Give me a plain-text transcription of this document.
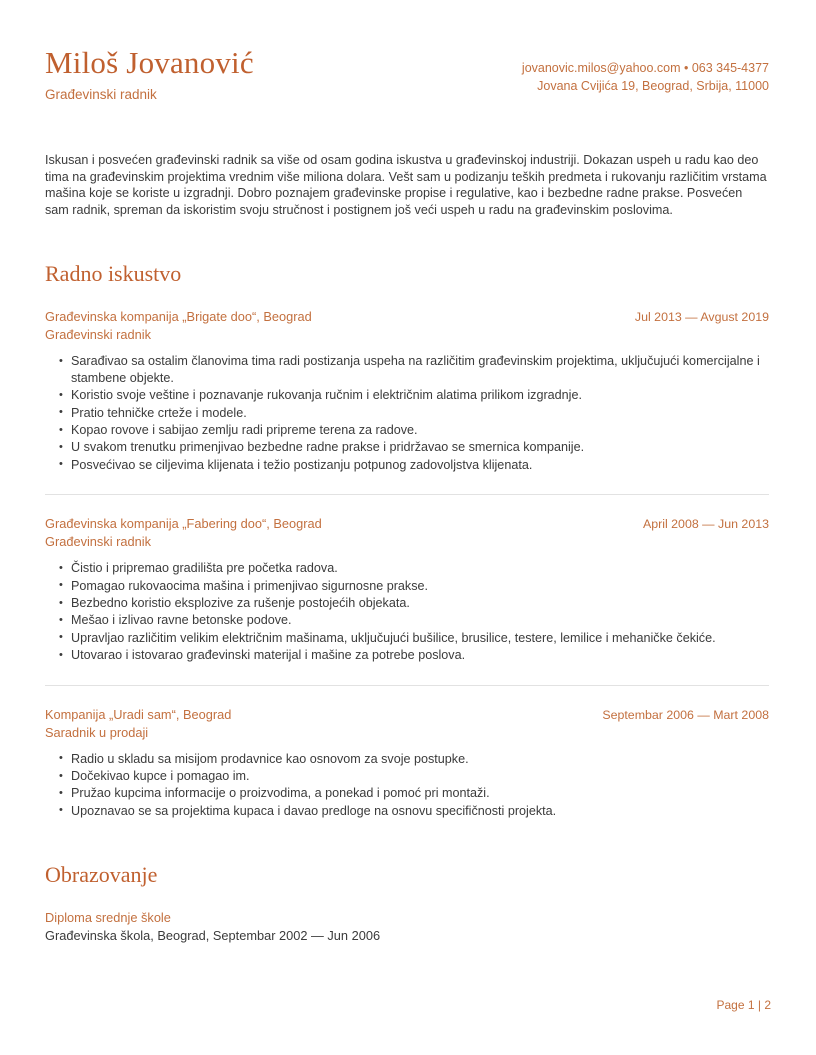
Miloš Jovanović
Građevinski radnik
jovanovic.milos@yahoo.com • 063 345-4377
Jovana Cvijića 19, Beograd, Srbija, 11000
Iskusan i posvećen građevinski radnik sa više od osam godina iskustva u građevinskoj industriji. Dokazan uspeh u radu kao deo tima na građevinskim projektima vrednim više miliona dolara. Vešt sam u podizanju teških predmeta i rukovanju različitim vrstama mašina koje se koriste u izgradnji. Dobro poznajem građevinske propise i regulative, kao i bezbedne radne prakse. Posvećen sam radnik, spreman da iskoristim svoju stručnost i postignem još veći uspeh u radu na građevinskim poslovima.
Radno iskustvo
Građevinska kompanija „Brigate doo“, Beograd	Jul 2013 — Avgust 2019
Građevinski radnik
• Sarađivao sa ostalim članovima tima radi postizanja uspeha na različitim građevinskim projektima, uključujući komercijalne i stambene objekte.
• Koristio svoje veštine i poznavanje rukovanja ručnim i električnim alatima prilikom izgradnje.
• Pratio tehničke crteže i modele.
• Kopao rovove i sabijao zemlju radi pripreme terena za radove.
• U svakom trenutku primenjivao bezbedne radne prakse i pridržavao se smernica kompanije.
• Posvećivao se ciljevima klijenata i težio postizanju potpunog zadovoljstva klijenata.
Građevinska kompanija „Fabering doo“, Beograd	April 2008 — Jun 2013
Građevinski radnik
• Čistio i pripremao gradilišta pre početka radova.
• Pomagao rukovaocima mašina i primenjivao sigurnosne prakse.
• Bezbedno koristio eksplozive za rušenje postojećih objekata.
• Mešao i izlivao ravne betonske podove.
• Upravljao različitim velikim električnim mašinama, uključujući bušilice, brusilice, testere, lemilice i mehaničke čekiće.
• Utovarao i istovarao građevinski materijal i mašine za potrebe poslova.
Kompanija „Uradi sam“, Beograd	Septembar 2006 — Mart 2008
Saradnik u prodaji
• Radio u skladu sa misijom prodavnice kao osnovom za svoje postupke.
• Dočekivao kupce i pomagao im.
• Pružao kupcima informacije o proizvodima, a ponekad i pomoć pri montaži.
• Upoznavao se sa projektima kupaca i davao predloge na osnovu specifičnosti projekta.
Obrazovanje
Diploma srednje škole
Građevinska škola, Beograd, Septembar 2002 — Jun 2006
Page 1 | 2
